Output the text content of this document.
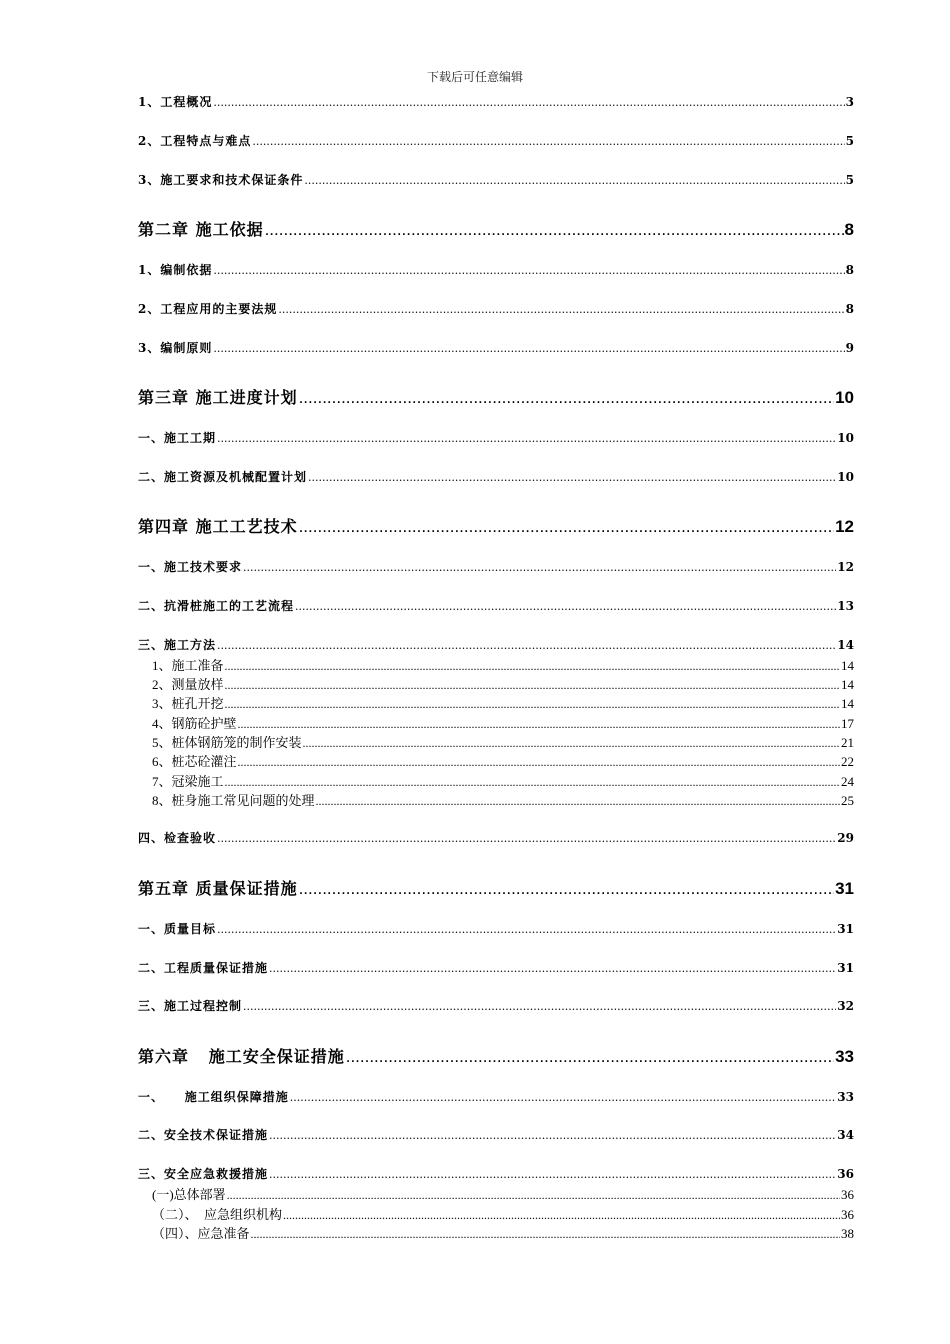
下载后可任意编辑
1、工程概况 .....	3
2、工程特点与难点 .....	5
3、施工要求和技术保证条件 .....	5
第二章 施工依据 .....	8
1、编制依据 .....	8
2、工程应用的主要法规 .....	8
3、编制原则 .....	9
第三章 施工进度计划 .....	10
一、施工工期 .....	10
二、施工资源及机械配置计划 .....	10
第四章 施工工艺技术 .....	12
一、施工技术要求 .....	12
二、抗滑桩施工的工艺流程 .....	13
三、施工方法 .....	14
1、施工准备 .....	14
2、测量放样 .....	14
3、桩孔开挖 .....	14
4、钢筋砼护壁 .....	17
5、桩体钢筋笼的制作安装 .....	21
6、桩芯砼灌注 .....	22
7、冠梁施工 .....	24
8、桩身施工常见问题的处理 .....	25
四、检查验收 .....	29
第五章 质量保证措施 .....	31
一、质量目标 .....	31
二、工程质量保证措施 .....	31
三、施工过程控制 .....	32
第六章   施工安全保证措施 .....	33
一、    施工组织保障措施 .....	33
二、安全技术保证措施 .....	34
三、安全应急救援措施 .....	36
(一)总体部署 .....	36
（二）、  应急组织机构 .....	36
（四）、应急准备 .....	38
